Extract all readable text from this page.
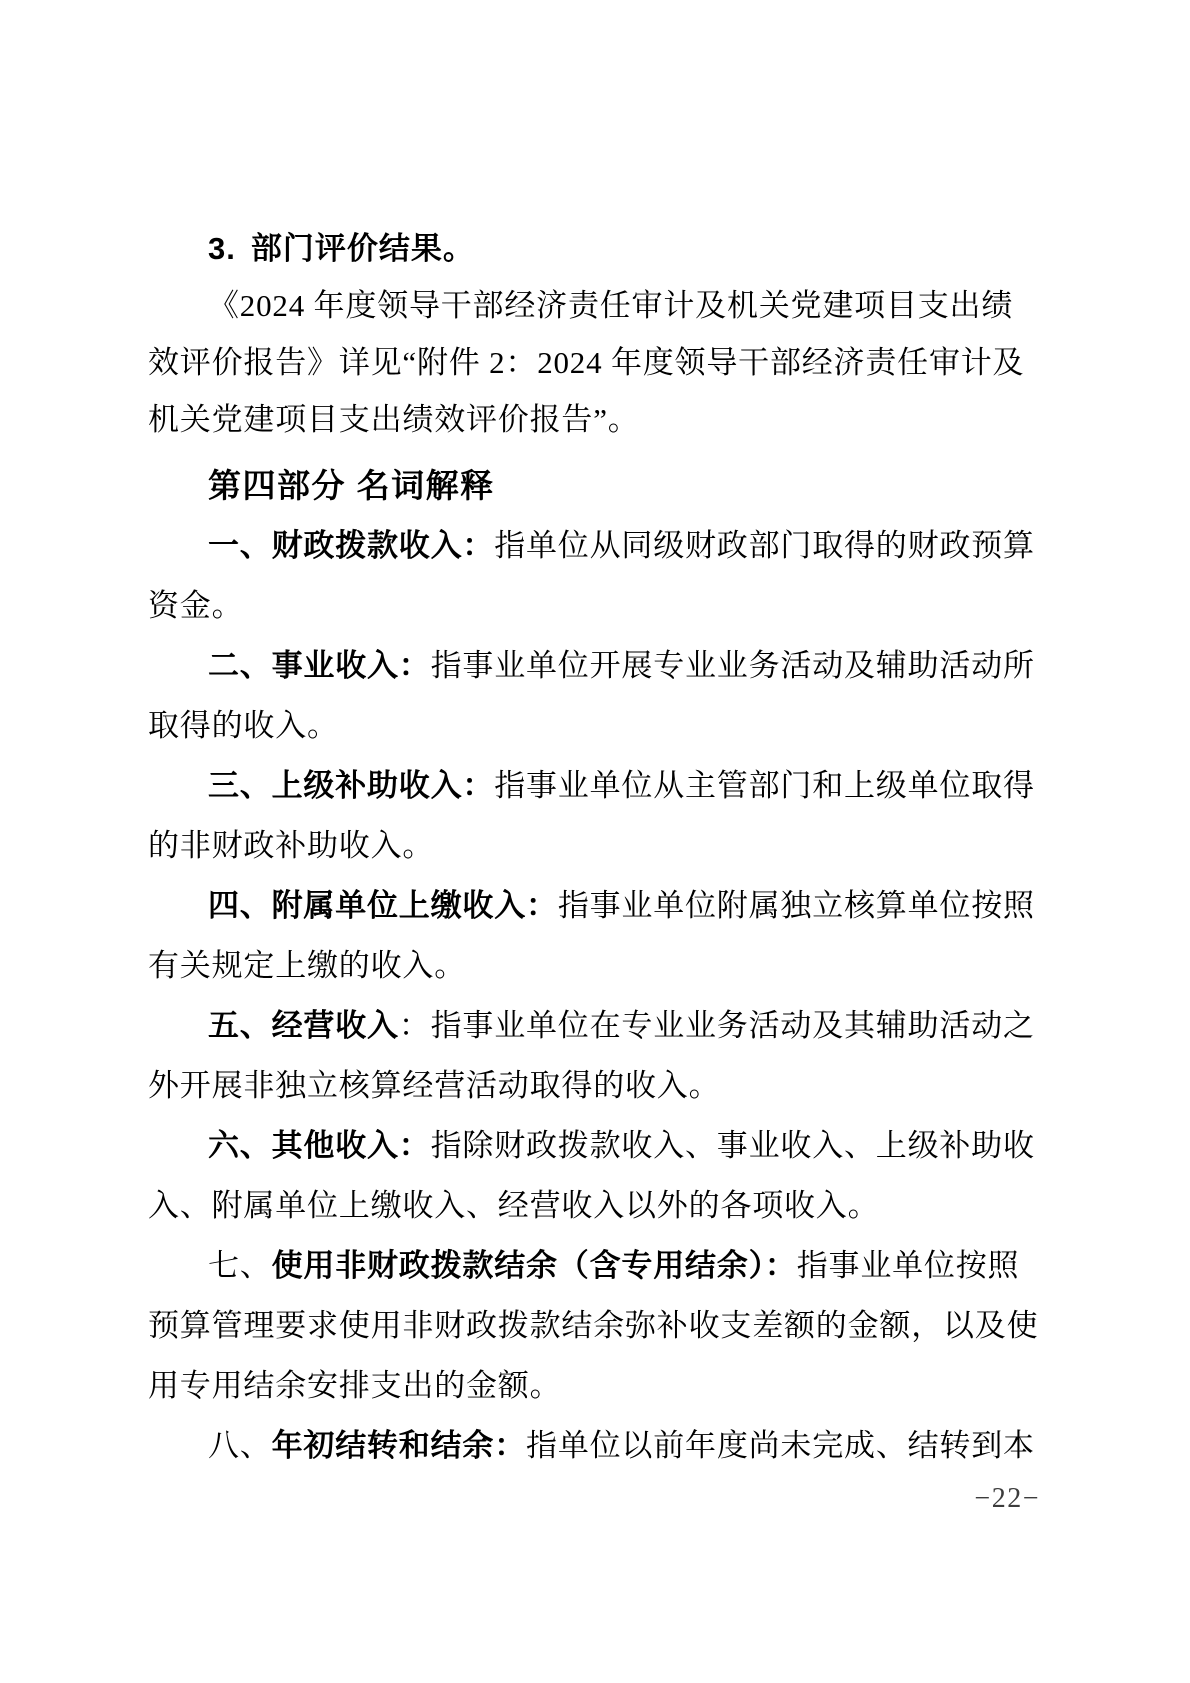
3. 部门评价结果。
《2024 年度领导干部经济责任审计及机关党建项目支出绩
效评价报告》详见“附件 2：2024 年度领导干部经济责任审计及
机关党建项目支出绩效评价报告”。
第四部分 名词解释
一、财政拨款收入：指单位从同级财政部门取得的财政预算
资金。
二、事业收入：指事业单位开展专业业务活动及辅助活动所
取得的收入。
三、上级补助收入：指事业单位从主管部门和上级单位取得
的非财政补助收入。
四、附属单位上缴收入：指事业单位附属独立核算单位按照
有关规定上缴的收入。
五、经营收入：指事业单位在专业业务活动及其辅助活动之
外开展非独立核算经营活动取得的收入。
六、其他收入：指除财政拨款收入、事业收入、上级补助收
入、附属单位上缴收入、经营收入以外的各项收入。
七、使用非财政拨款结余（含专用结余）：指事业单位按照
预算管理要求使用非财政拨款结余弥补收支差额的金额，以及使
用专用结余安排支出的金额。
八、年初结转和结余：指单位以前年度尚未完成、结转到本
−22−
